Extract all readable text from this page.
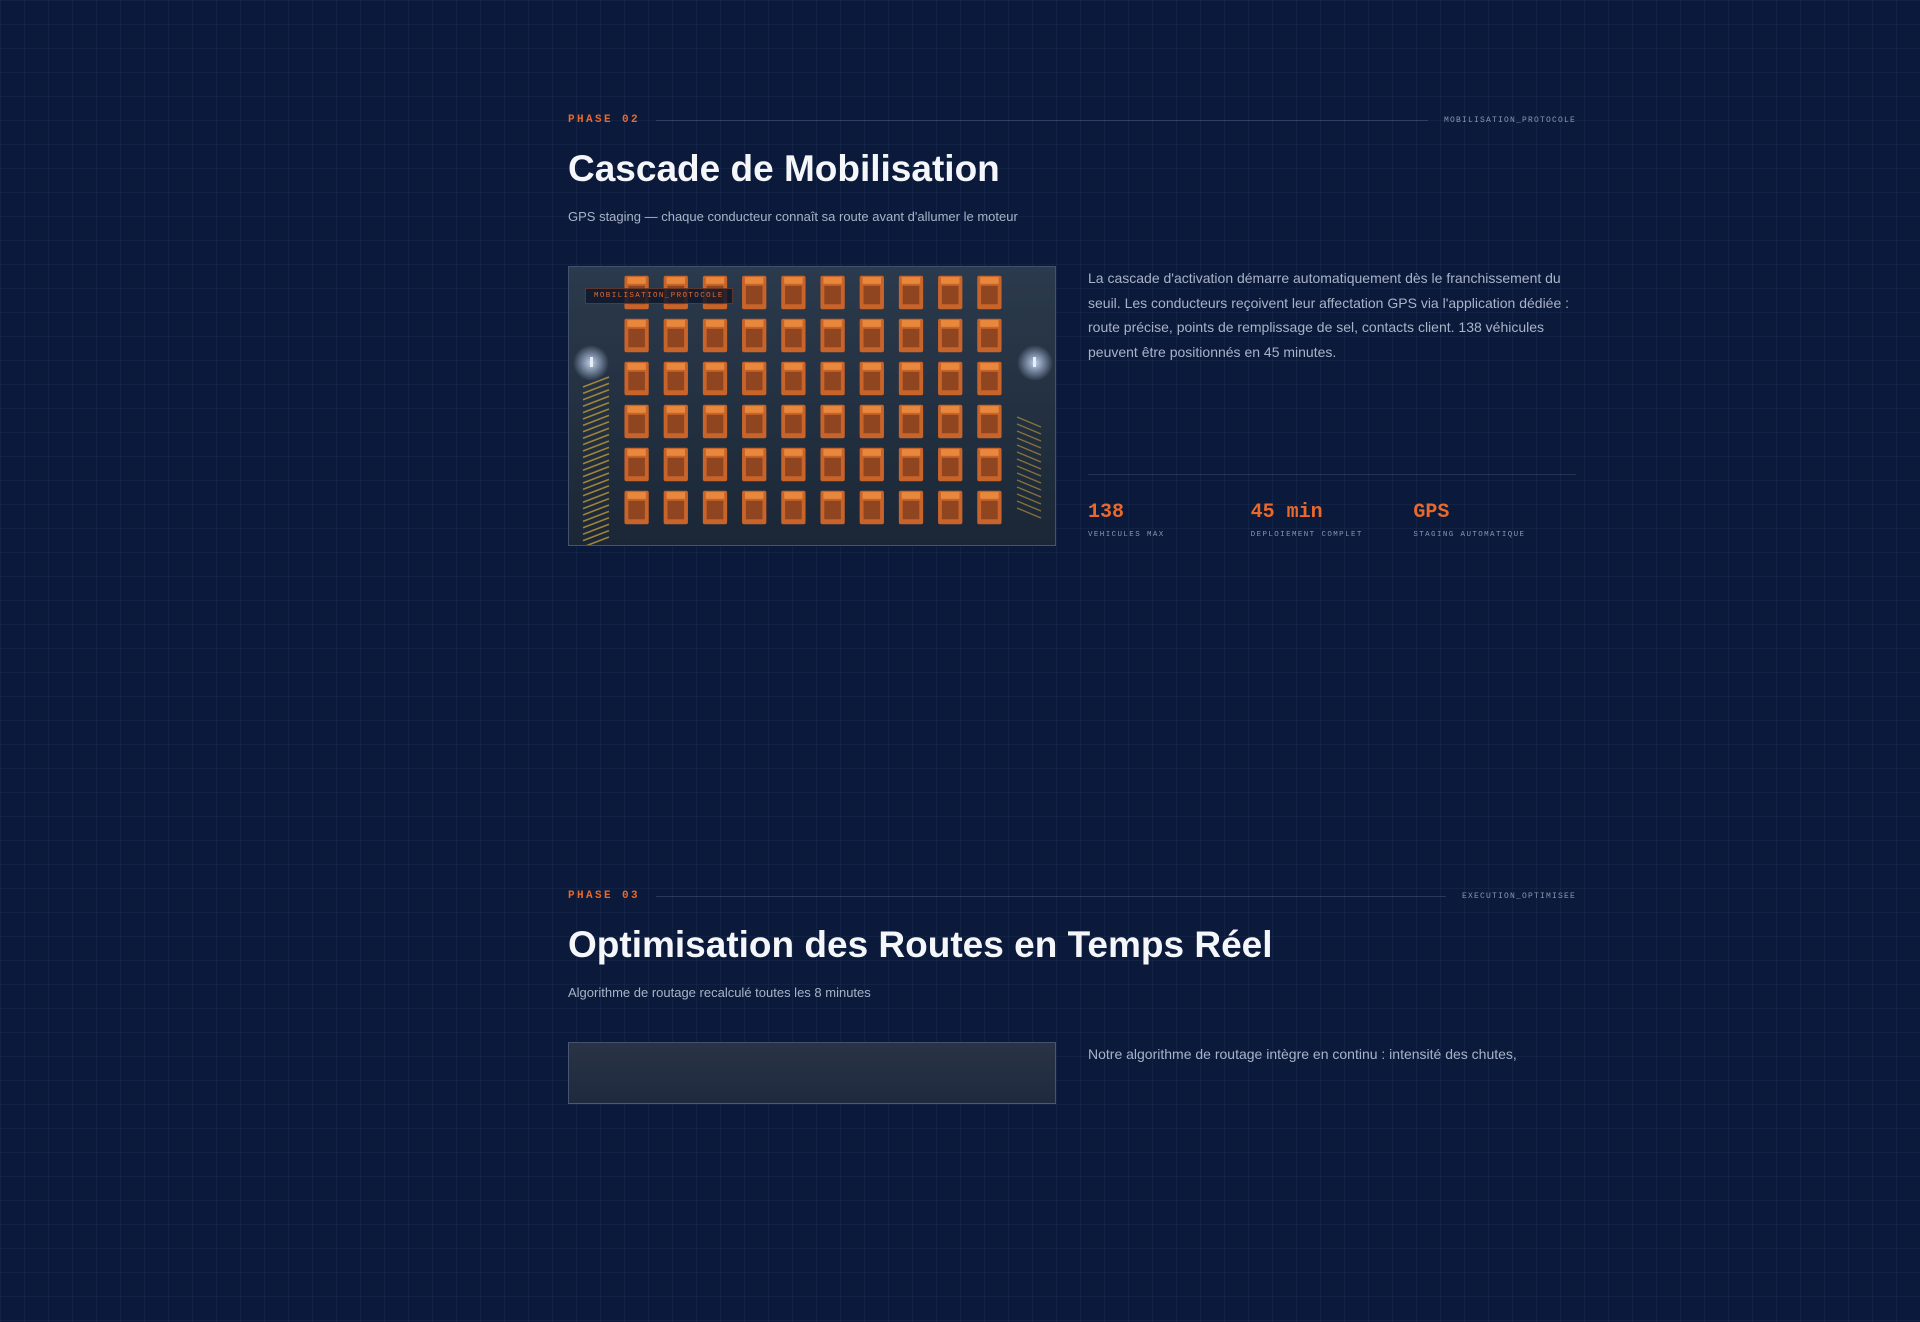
PHASE 02	MOBILISATION_PROTOCOLE
Cascade de Mobilisation

GPS staging — chaque conducteur connaît sa route avant d'allumer le moteur

MOBILISATION_PROTOCOLE

La cascade d'activation démarre automatiquement dès le franchissement du seuil. Les conducteurs reçoivent leur affectation GPS via l'application dédiée : route précise, points de remplissage de sel, contacts client. 138 véhicules peuvent être positionnés en 45 minutes.

138
VEHICULES MAX
45 min
DEPLOIEMENT COMPLET
GPS
STAGING AUTOMATIQUE
PHASE 03	EXECUTION_OPTIMISEE
Optimisation des Routes en Temps Réel

Algorithme de routage recalculé toutes les 8 minutes

Notre algorithme de routage intègre en continu : intensité des chutes,
